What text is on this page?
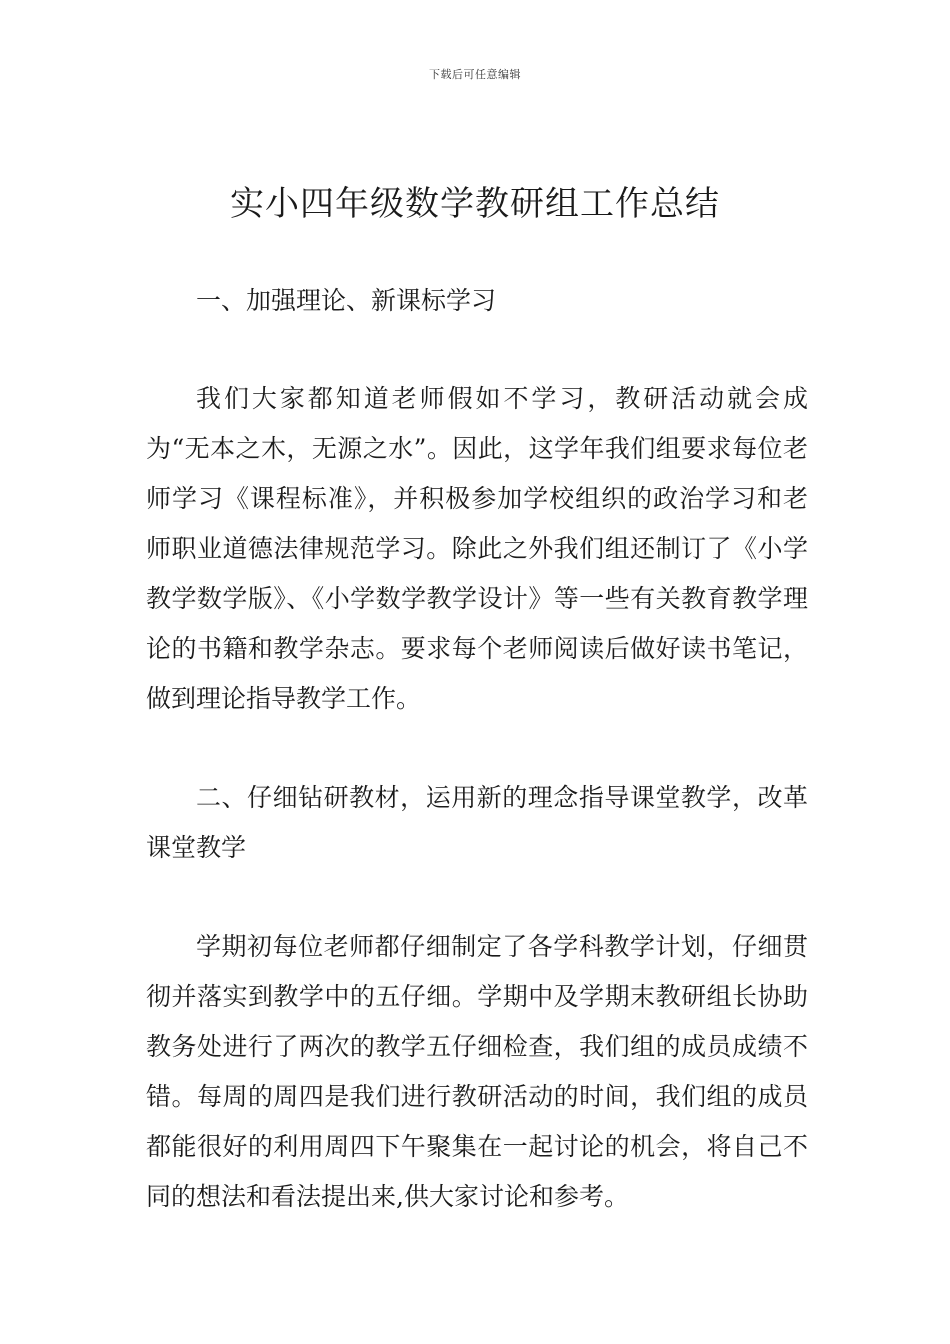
下载后可任意编辑
实小四年级数学教研组工作总结

一、加强理论、新课标学习

我们大家都知道老师假如不学习，教研活动就会成为“无本之木，无源之水”。因此，这学年我们组要求每位老师学习《课程标准》，并积极参加学校组织的政治学习和老师职业道德法律规范学习。除此之外我们组还制订了《小学教学数学版》、《小学数学教学设计》等一些有关教育教学理论的书籍和教学杂志。要求每个老师阅读后做好读书笔记，做到理论指导教学工作。

二、仔细钻研教材，运用新的理念指导课堂教学，改革课堂教学

学期初每位老师都仔细制定了各学科教学计划，仔细贯彻并落实到教学中的五仔细。学期中及学期末教研组长协助教务处进行了两次的教学五仔细检查，我们组的成员成绩不错。每周的周四是我们进行教研活动的时间，我们组的成员都能很好的利用周四下午聚集在一起讨论的机会，将自己不同的想法和看法提出来,供大家讨论和参考。
